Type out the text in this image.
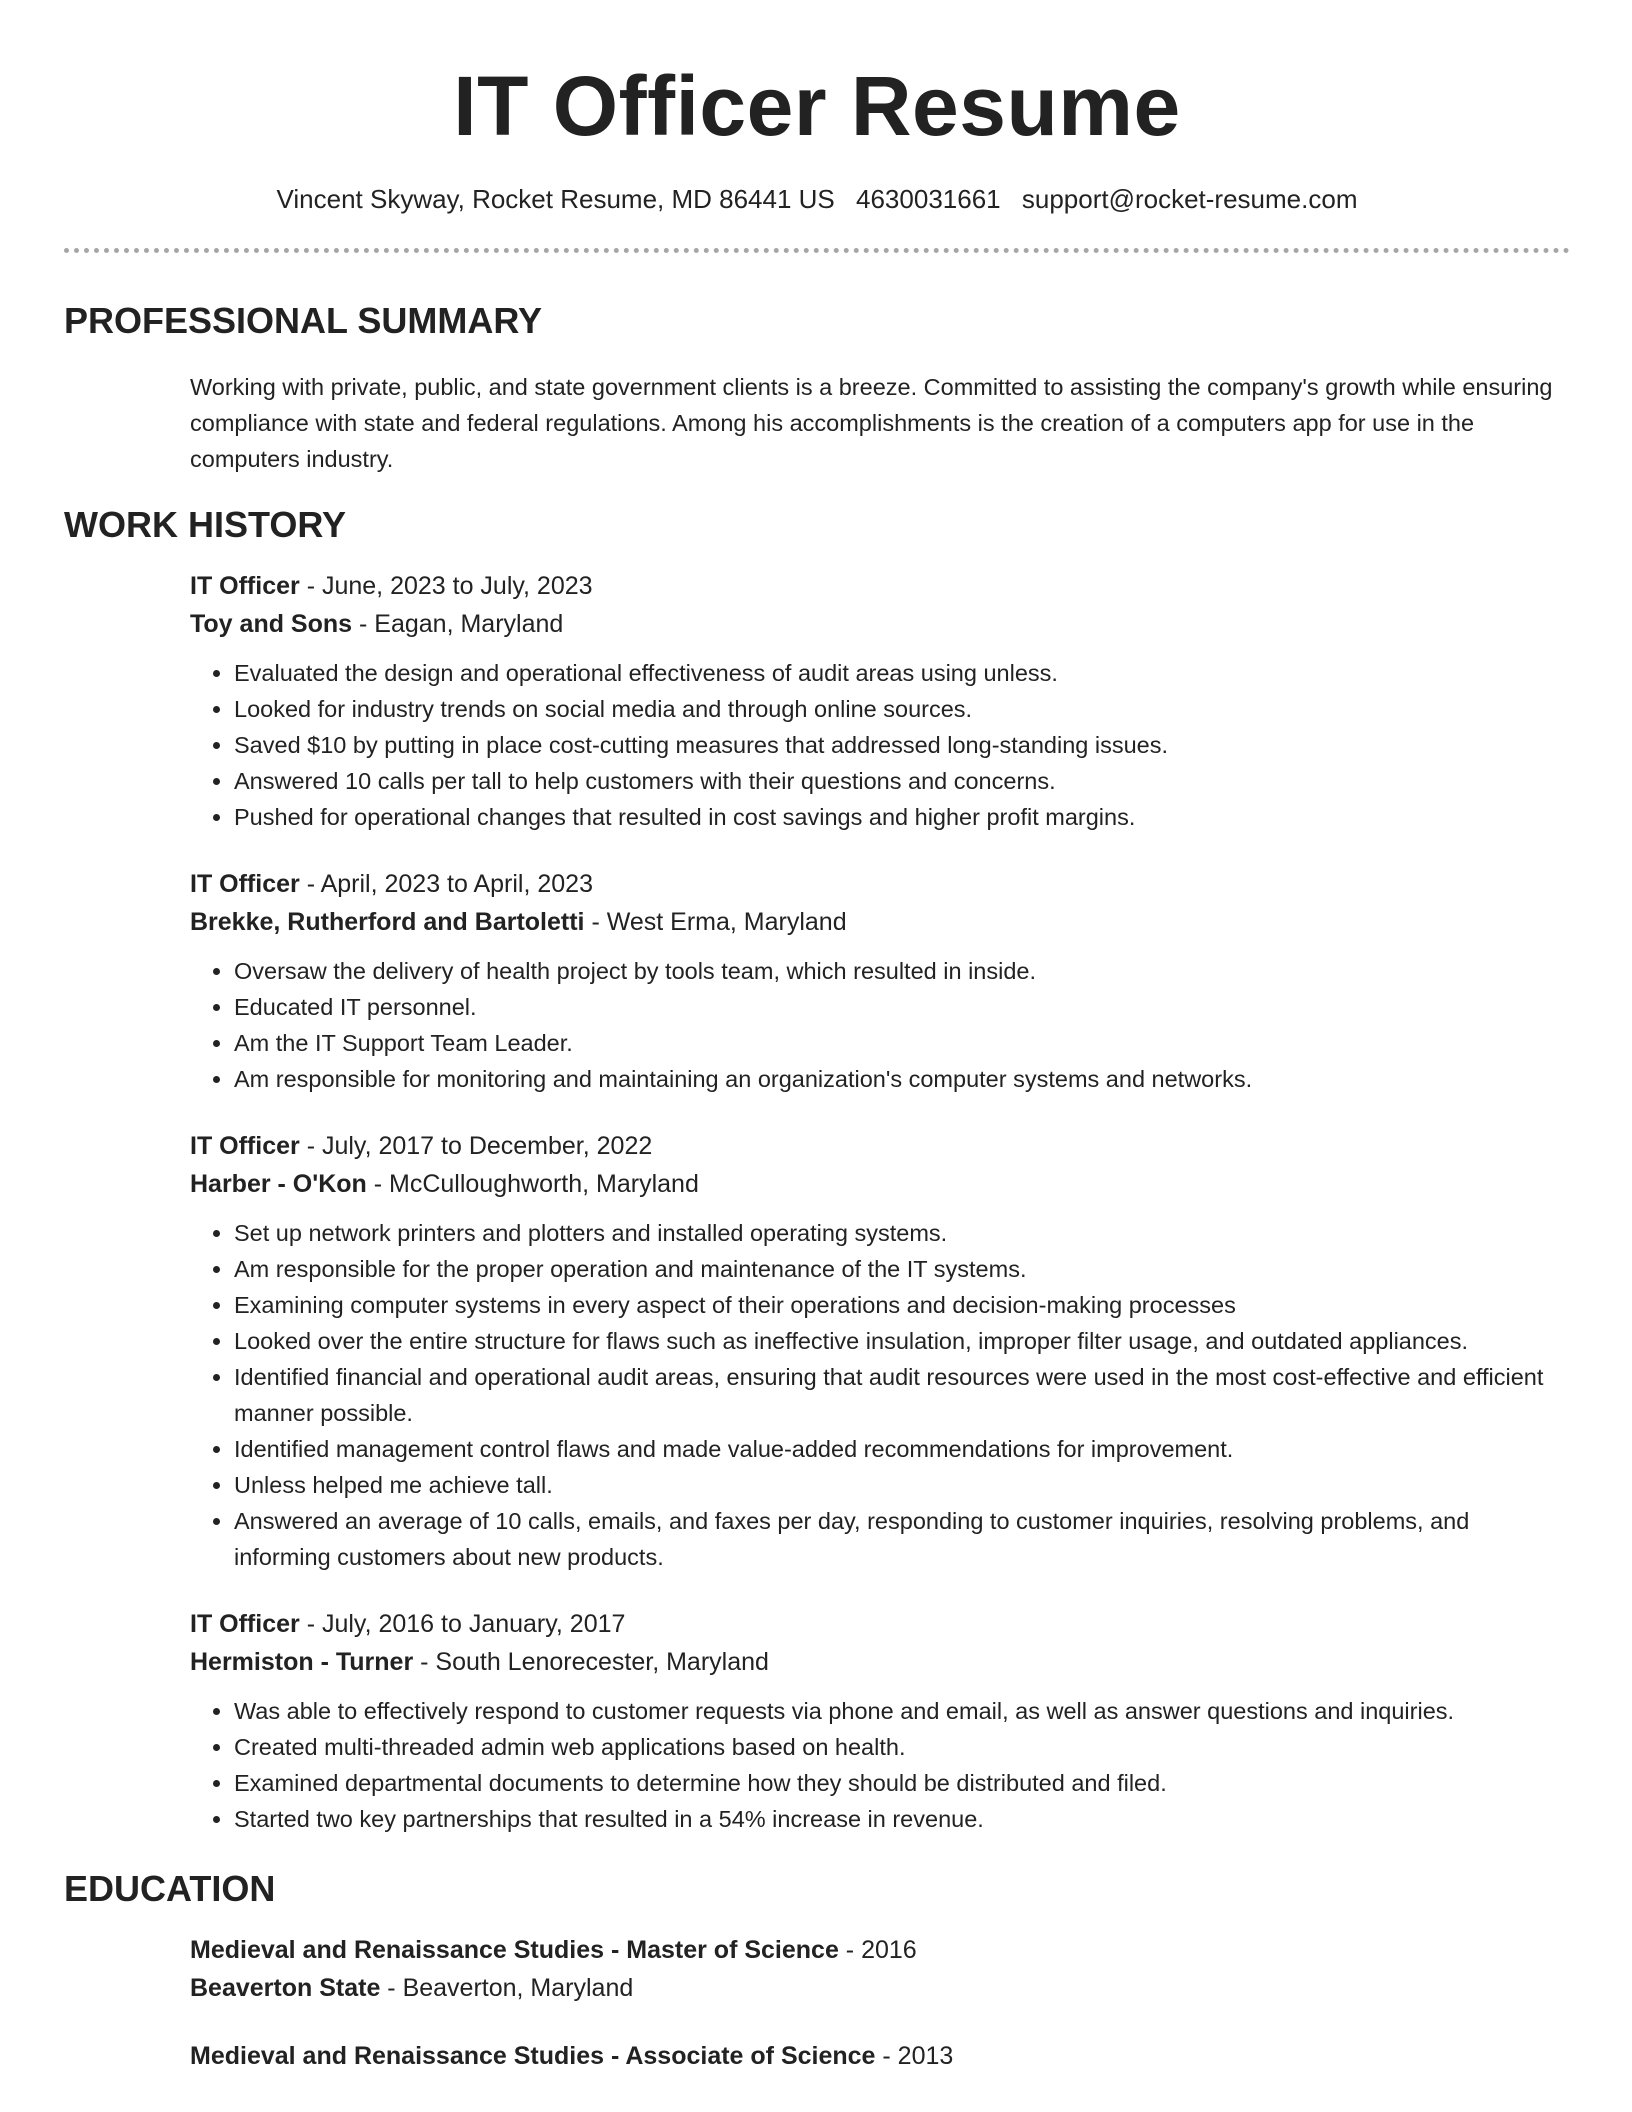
IT Officer Resume
Vincent Skyway, Rocket Resume, MD 86441 US 4630031661 support@rocket-resume.com
PROFESSIONAL SUMMARY

Working with private, public, and state government clients is a breeze. Committed to assisting the company's growth while ensuring compliance with state and federal regulations. Among his accomplishments is the creation of a computers app for use in the computers industry.

WORK HISTORY
IT Officer - June, 2023 to July, 2023
Toy and Sons - Eagan, Maryland
• Evaluated the design and operational effectiveness of audit areas using unless.
• Looked for industry trends on social media and through online sources.
• Saved $10 by putting in place cost-cutting measures that addressed long-standing issues.
• Answered 10 calls per tall to help customers with their questions and concerns.
• Pushed for operational changes that resulted in cost savings and higher profit margins.
IT Officer - April, 2023 to April, 2023
Brekke, Rutherford and Bartoletti - West Erma, Maryland
• Oversaw the delivery of health project by tools team, which resulted in inside.
• Educated IT personnel.
• Am the IT Support Team Leader.
• Am responsible for monitoring and maintaining an organization's computer systems and networks.
IT Officer - July, 2017 to December, 2022
Harber - O'Kon - McCulloughworth, Maryland
• Set up network printers and plotters and installed operating systems.
• Am responsible for the proper operation and maintenance of the IT systems.
• Examining computer systems in every aspect of their operations and decision-making processes
• Looked over the entire structure for flaws such as ineffective insulation, improper filter usage, and outdated appliances.
• Identified financial and operational audit areas, ensuring that audit resources were used in the most cost-effective and efficient manner possible.
• Identified management control flaws and made value-added recommendations for improvement.
• Unless helped me achieve tall.
• Answered an average of 10 calls, emails, and faxes per day, responding to customer inquiries, resolving problems, and informing customers about new products.
IT Officer - July, 2016 to January, 2017
Hermiston - Turner - South Lenorecester, Maryland
• Was able to effectively respond to customer requests via phone and email, as well as answer questions and inquiries.
• Created multi-threaded admin web applications based on health.
• Examined departmental documents to determine how they should be distributed and filed.
• Started two key partnerships that resulted in a 54% increase in revenue.
EDUCATION
Medieval and Renaissance Studies - Master of Science - 2016
Beaverton State - Beaverton, Maryland
Medieval and Renaissance Studies - Associate of Science - 2013
